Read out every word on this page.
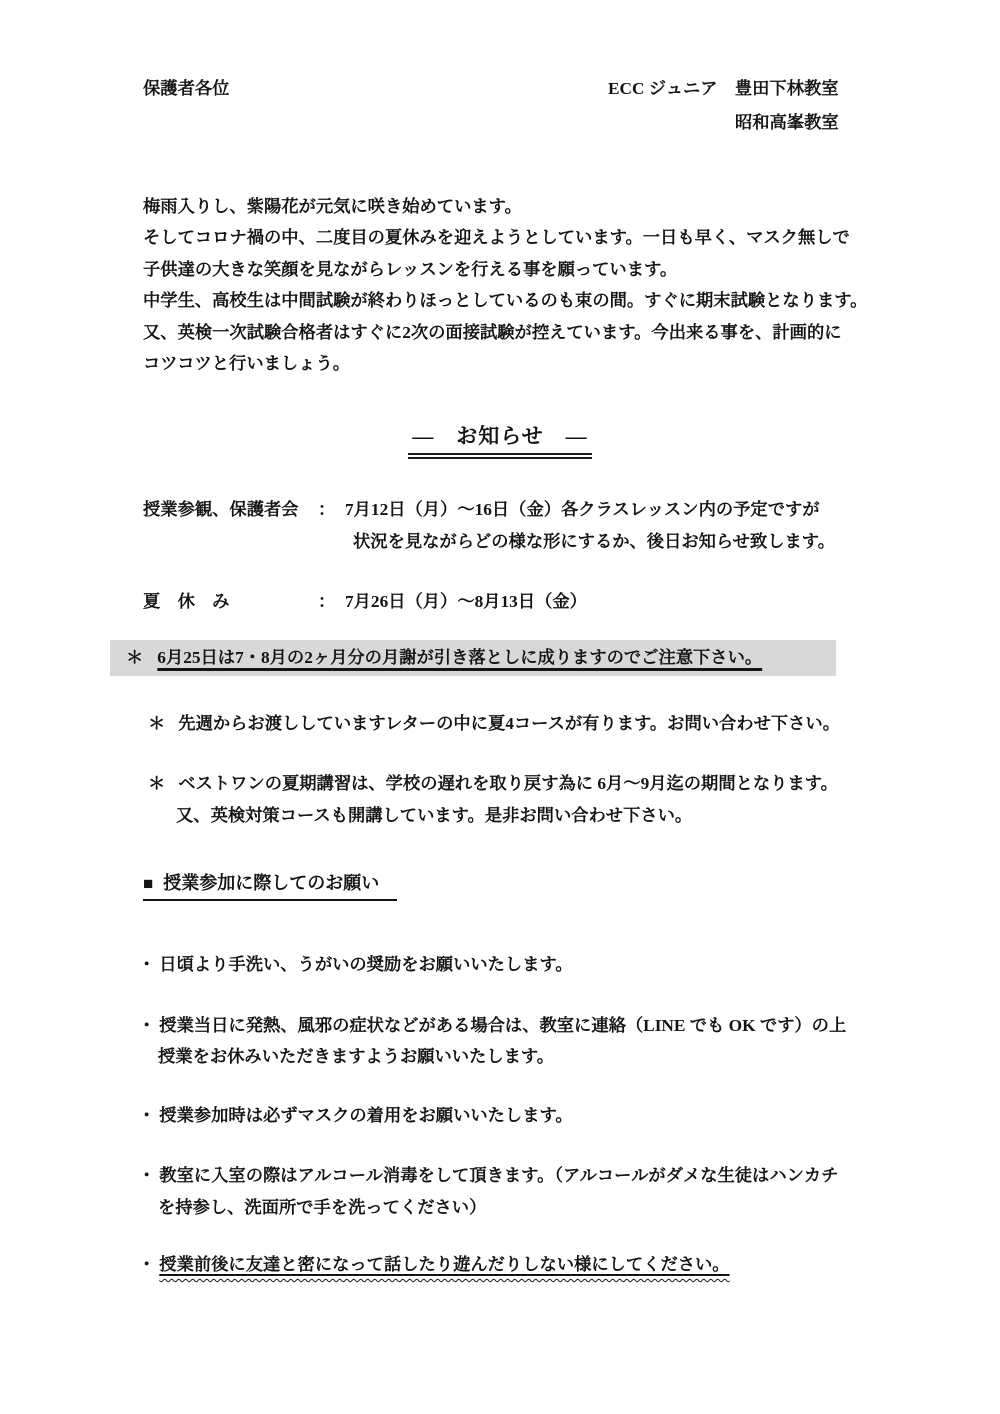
保護者各位	ECC ジュニア　豊田下林教室
昭和高峯教室
梅雨入りし、紫陽花が元気に咲き始めています。
そしてコロナ禍の中、二度目の夏休みを迎えようとしています。一日も早く、マスク無しで
子供達の大きな笑顔を見ながらレッスンを行える事を願っています。
中学生、高校生は中間試験が終わりほっとしているのも束の間。すぐに期末試験となります。
又、英検一次試験合格者はすぐに2次の面接試験が控えています。今出来る事を、計画的に
コツコツと行いましょう。
―　お知らせ　―
授業参観、保護者会 ： 7月12日（月）～16日（金）各クラスレッスン内の予定ですが
状況を見ながらどの様な形にするか、後日お知らせ致します。
夏　休　み	： 7月26日（月）～8月13日（金）
＊ 6月25日は7・8月の2ヶ月分の月謝が引き落としに成りますのでご注意下さい。
＊ 先週からお渡ししていますレターの中に夏4コースが有ります。お問い合わせ下さい。
＊ ベストワンの夏期講習は、学校の遅れを取り戻す為に 6月～9月迄の期間となります。
又、英検対策コースも開講しています。是非お問い合わせ下さい。
■ 授業参加に際してのお願い
・ 日頃より手洗い、うがいの奨励をお願いいたします。
・ 授業当日に発熱、風邪の症状などがある場合は、教室に連絡（LINE でも OK です）の上
授業をお休みいただきますようお願いいたします。
・ 授業参加時は必ずマスクの着用をお願いいたします。
・ 教室に入室の際はアルコール消毒をして頂きます。（アルコールがダメな生徒はハンカチ
を持参し、洗面所で手を洗ってください）
・ 授業前後に友達と密になって話したり遊んだりしない様にしてください。
